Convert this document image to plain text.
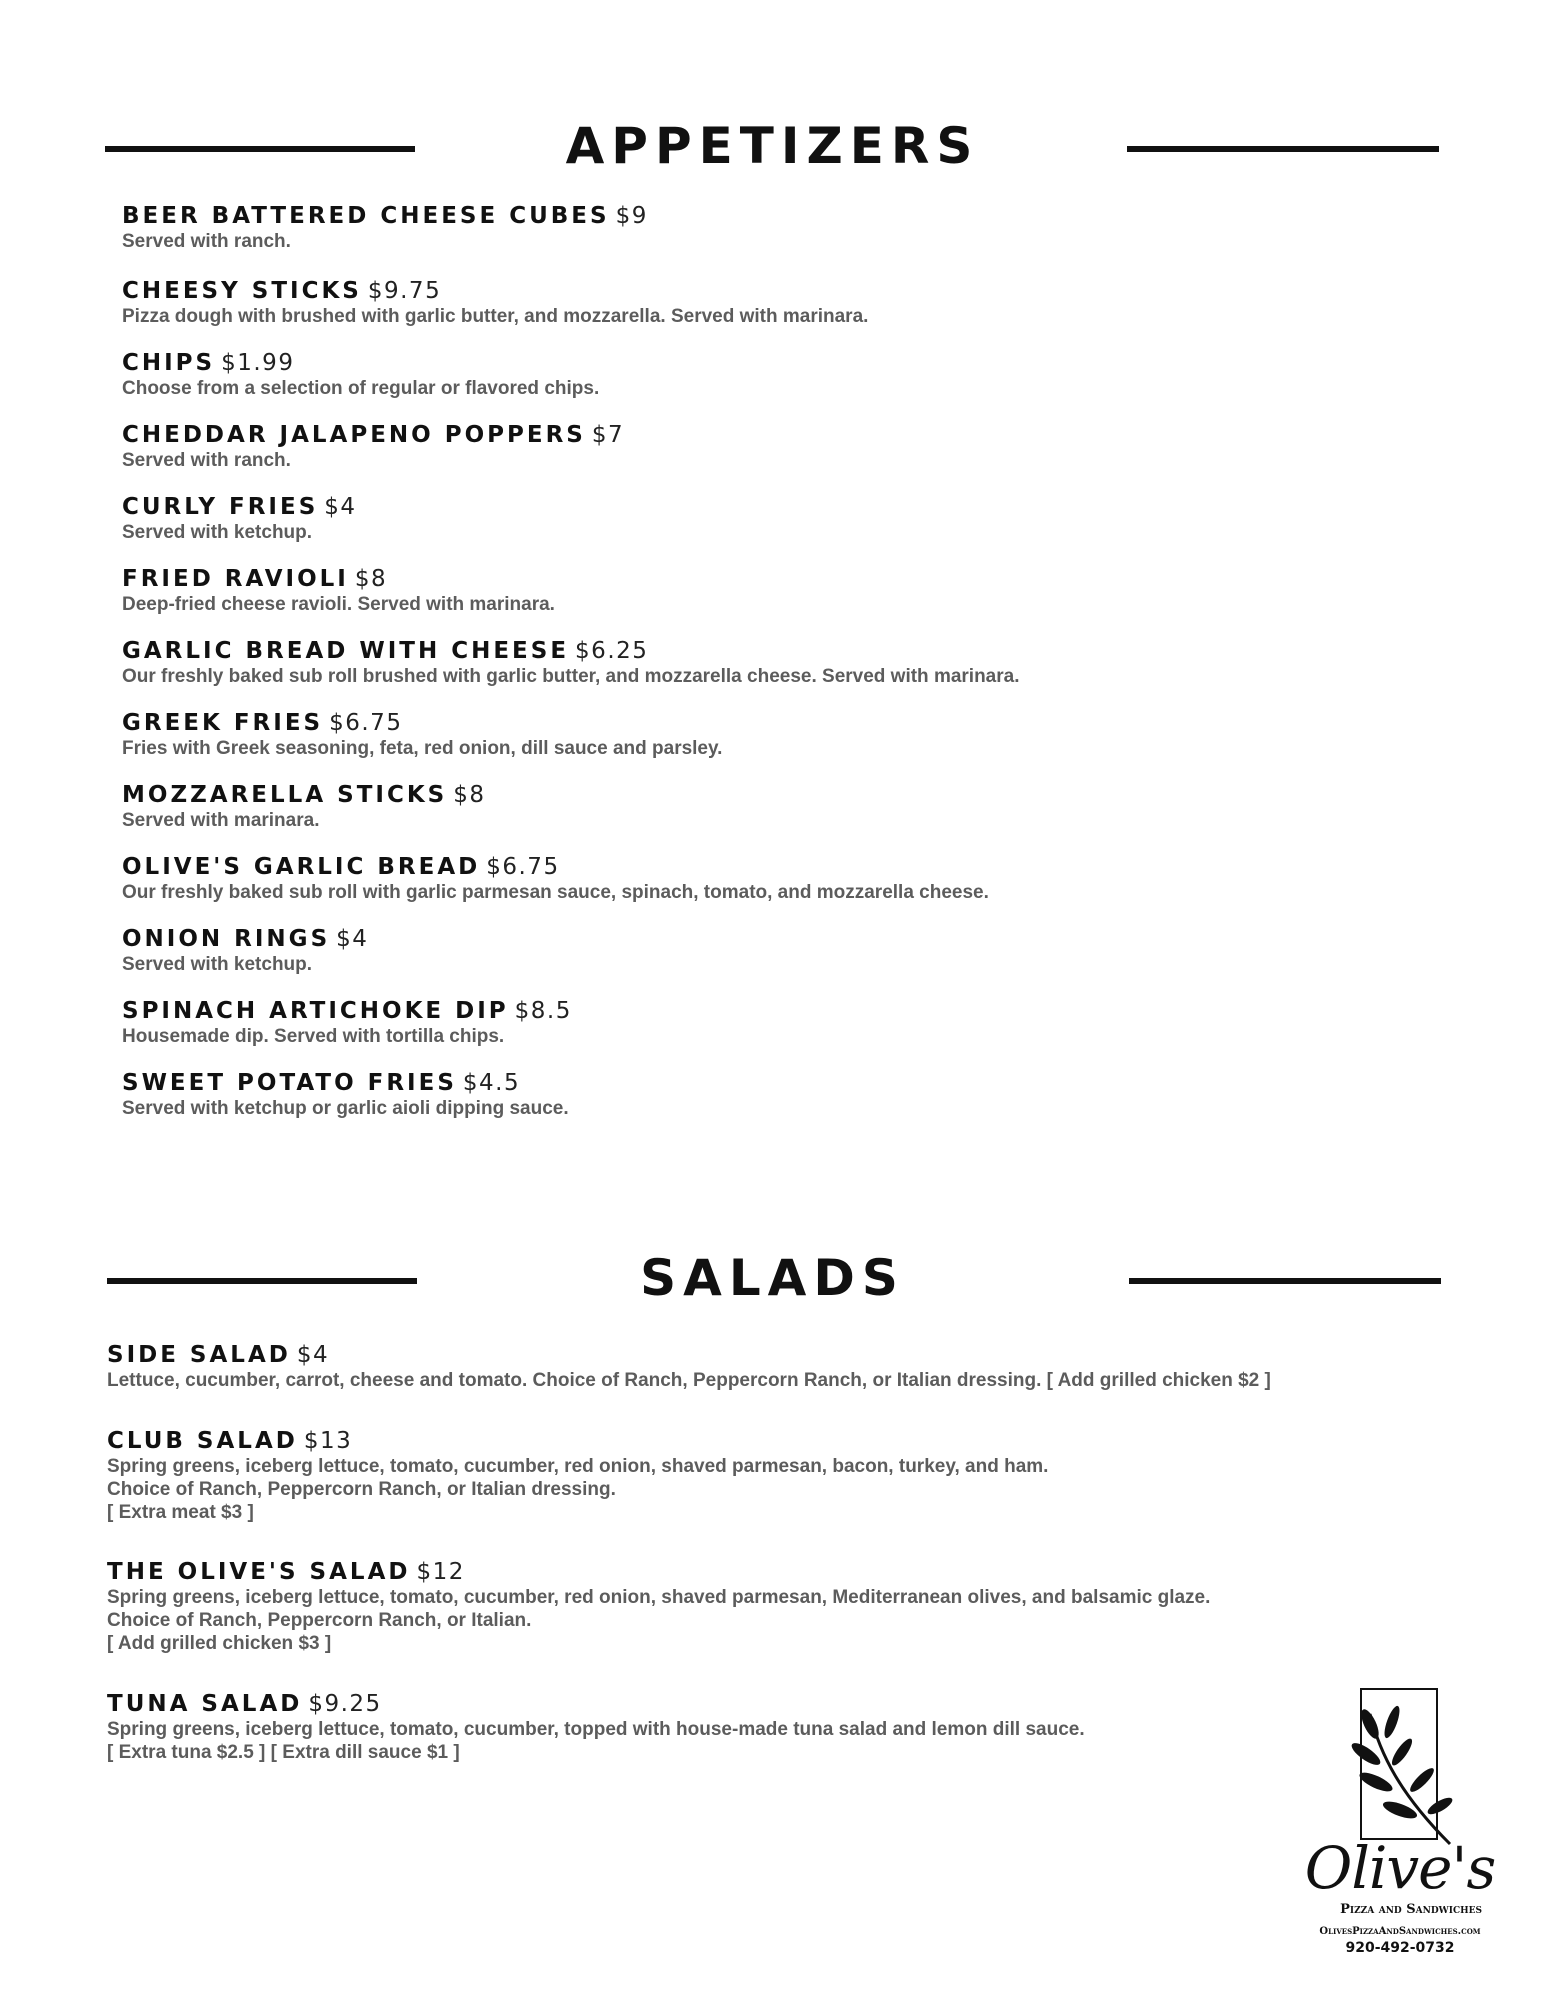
APPETIZERS
BEER BATTERED CHEESE CUBES $9
Served with ranch.
CHEESY STICKS $9.75
Pizza dough with brushed with garlic butter, and mozzarella. Served with marinara.
CHIPS $1.99
Choose from a selection of regular or flavored chips.
CHEDDAR JALAPENO POPPERS $7
Served with ranch.
CURLY FRIES $4
Served with ketchup.
FRIED RAVIOLI $8
Deep-fried cheese ravioli. Served with marinara.
GARLIC BREAD WITH CHEESE $6.25
Our freshly baked sub roll brushed with garlic butter, and mozzarella cheese. Served with marinara.
GREEK FRIES $6.75
Fries with Greek seasoning, feta, red onion, dill sauce and parsley.
MOZZARELLA STICKS $8
Served with marinara.
OLIVE'S GARLIC BREAD $6.75
Our freshly baked sub roll with garlic parmesan sauce, spinach, tomato, and mozzarella cheese.
ONION RINGS $4
Served with ketchup.
SPINACH ARTICHOKE DIP $8.5
Housemade dip. Served with tortilla chips.
SWEET POTATO FRIES $4.5
Served with ketchup or garlic aioli dipping sauce.
SALADS
SIDE SALAD $4
Lettuce, cucumber, carrot, cheese and tomato. Choice of Ranch, Peppercorn Ranch, or Italian dressing. [ Add grilled chicken $2 ]
CLUB SALAD $13
Spring greens, iceberg lettuce, tomato, cucumber, red onion, shaved parmesan, bacon, turkey, and ham.
Choice of Ranch, Peppercorn Ranch, or Italian dressing.
[ Extra meat $3 ]
THE OLIVE'S SALAD $12
Spring greens, iceberg lettuce, tomato, cucumber, red onion, shaved parmesan, Mediterranean olives, and balsamic glaze.
Choice of Ranch, Peppercorn Ranch, or Italian.
[ Add grilled chicken $3 ]
TUNA SALAD $9.25
Spring greens, iceberg lettuce, tomato, cucumber, topped with house-made tuna salad and lemon dill sauce.
[ Extra tuna $2.5 ] [ Extra dill sauce $1 ]
Olive's
Pizza and Sandwiches
OlivesPizzaAndSandwiches.com
920-492-0732
